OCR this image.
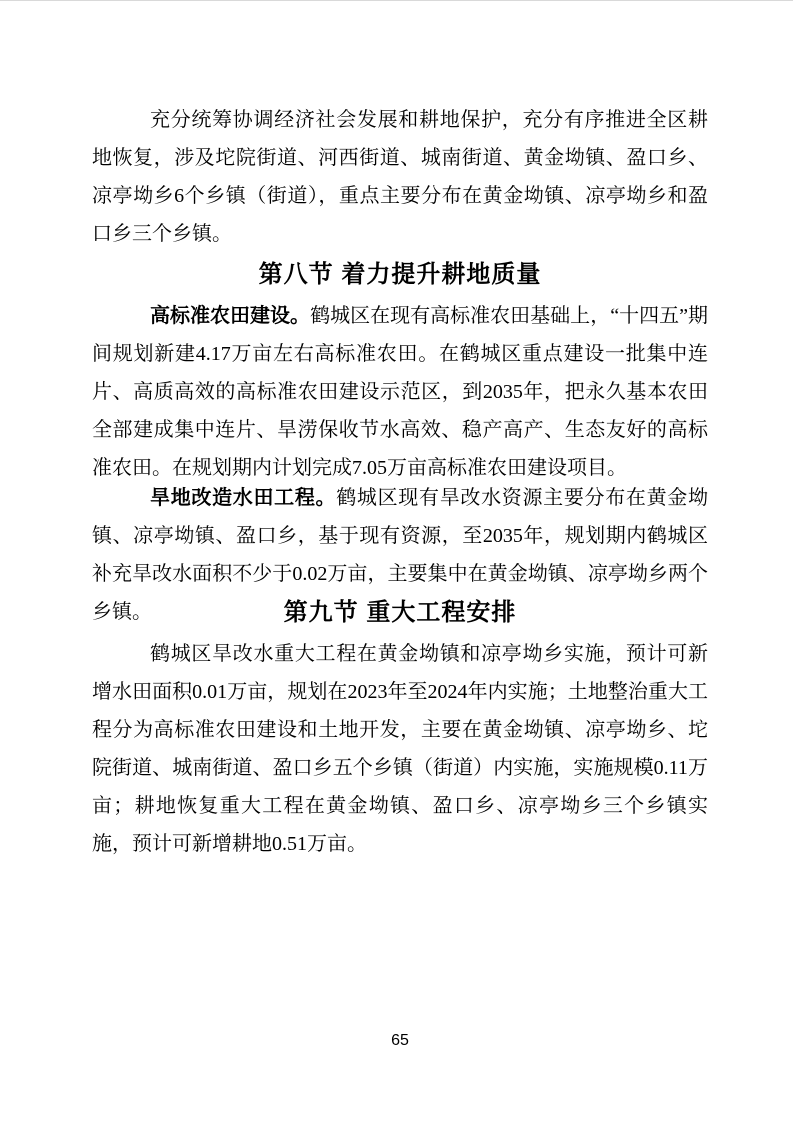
充分统筹协调经济社会发展和耕地保护，充分有序推进全区耕地恢复，涉及坨院街道、河西街道、城南街道、黄金坳镇、盈口乡、凉亭坳乡6个乡镇（街道），重点主要分布在黄金坳镇、凉亭坳乡和盈口乡三个乡镇。

第八节 着力提升耕地质量

高标准农田建设。鹤城区在现有高标准农田基础上，“十四五”期间规划新建4.17万亩左右高标准农田。在鹤城区重点建设一批集中连片、高质高效的高标准农田建设示范区，到2035年，把永久基本农田全部建成集中连片、旱涝保收节水高效、稳产高产、生态友好的高标准农田。在规划期内计划完成7.05万亩高标准农田建设项目。

旱地改造水田工程。鹤城区现有旱改水资源主要分布在黄金坳镇、凉亭坳镇、盈口乡，基于现有资源，至2035年，规划期内鹤城区补充旱改水面积不少于0.02万亩，主要集中在黄金坳镇、凉亭坳乡两个乡镇。	第九节 重大工程安排

鹤城区旱改水重大工程在黄金坳镇和凉亭坳乡实施，预计可新增水田面积0.01万亩，规划在2023年至2024年内实施；土地整治重大工程分为高标准农田建设和土地开发，主要在黄金坳镇、凉亭坳乡、坨院街道、城南街道、盈口乡五个乡镇（街道）内实施，实施规模0.11万亩；耕地恢复重大工程在黄金坳镇、盈口乡、凉亭坳乡三个乡镇实施，预计可新增耕地0.51万亩。

65
